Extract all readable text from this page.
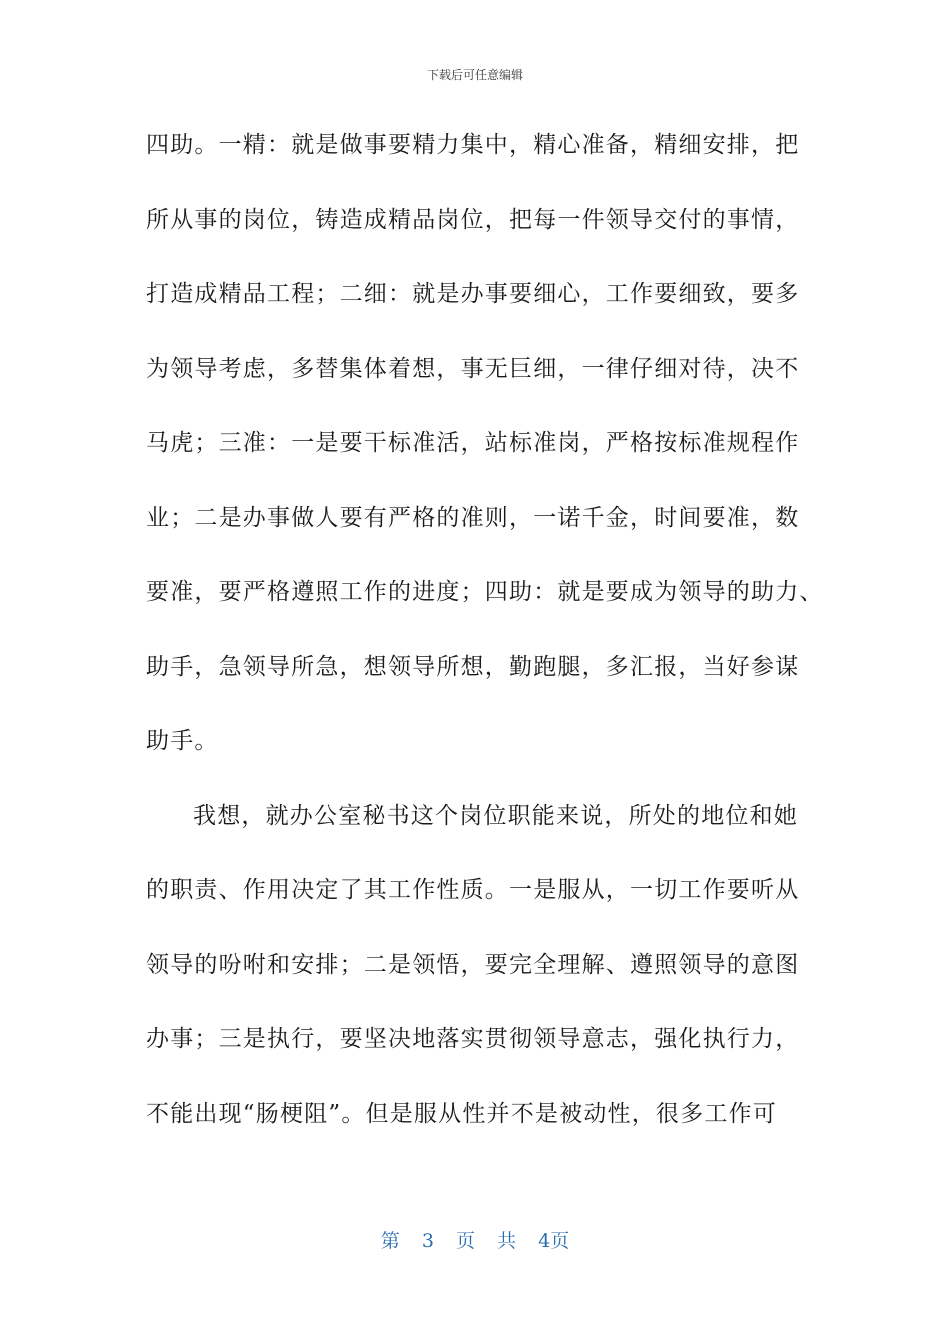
下载后可任意编辑
四助。一精：就是做事要精力集中，精心准备，精细安排，把
所从事的岗位，铸造成精品岗位，把每一件领导交付的事情，
打造成精品工程；二细：就是办事要细心，工作要细致，要多
为领导考虑，多替集体着想，事无巨细，一律仔细对待，决不
马虎；三准：一是要干标准活，站标准岗，严格按标准规程作
业；二是办事做人要有严格的准则，一诺千金，时间要准，数
要准，要严格遵照工作的进度；四助：就是要成为领导的助力、
助手，急领导所急，想领导所想，勤跑腿，多汇报，当好参谋
助手。
我想，就办公室秘书这个岗位职能来说，所处的地位和她
的职责、作用决定了其工作性质。一是服从，一切工作要听从
领导的吩咐和安排；二是领悟，要完全理解、遵照领导的意图
办事；三是执行，要坚决地落实贯彻领导意志，强化执行力，
不能出现“肠梗阻”。但是服从性并不是被动性，很多工作可
第 3 页 共 4页
